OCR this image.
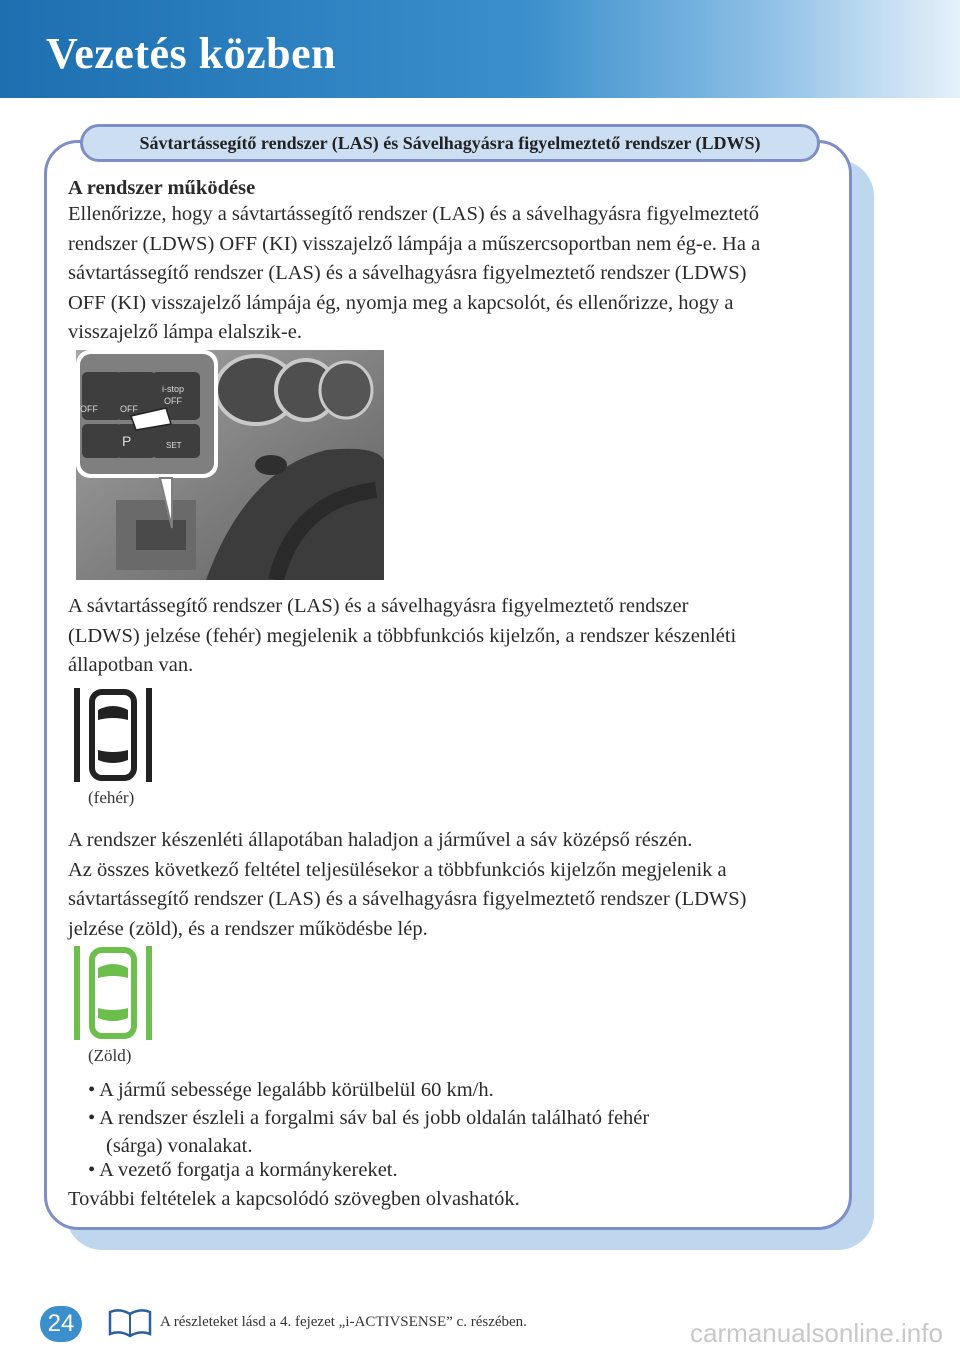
Vezetés közben
Sávtartássegítő rendszer (LAS) és Sávelhagyásra figyelmeztető rendszer (LDWS)
A rendszer működése
Ellenőrizze, hogy a sávtartássegítő rendszer (LAS) és a sávelhagyásra figyelmeztető
rendszer (LDWS) OFF (KI) visszajelző lámpája a műszercsoportban nem ég-e. Ha a
sávtartássegítő rendszer (LAS) és a sávelhagyásra figyelmeztető rendszer (LDWS)
OFF (KI) visszajelző lámpája ég, nyomja meg a kapcsolót, és ellenőrizze, hogy a
visszajelző lámpa elalszik-e.
OFF OFF
i-stop
OFF
SET
P
A sávtartássegítő rendszer (LAS) és a sávelhagyásra figyelmeztető rendszer
(LDWS) jelzése (fehér) megjelenik a többfunkciós kijelzőn, a rendszer készenléti
állapotban van.
(fehér)
A rendszer készenléti állapotában haladjon a járművel a sáv középső részén.
Az összes következő feltétel teljesülésekor a többfunkciós kijelzőn megjelenik a
sávtartássegítő rendszer (LAS) és a sávelhagyásra figyelmeztető rendszer (LDWS)
jelzése (zöld), és a rendszer működésbe lép.
(Zöld)
• A jármű sebessége legalább körülbelül 60 km/h.
• A rendszer észleli a forgalmi sáv bal és jobb oldalán található fehér
(sárga) vonalakat.
• A vezető forgatja a kormánykereket.
További feltételek a kapcsolódó szövegben olvashatók.
24	A részleteket lásd a 4. fejezet „i-ACTIVSENSE” c. részében.	carmanualsonline.info
